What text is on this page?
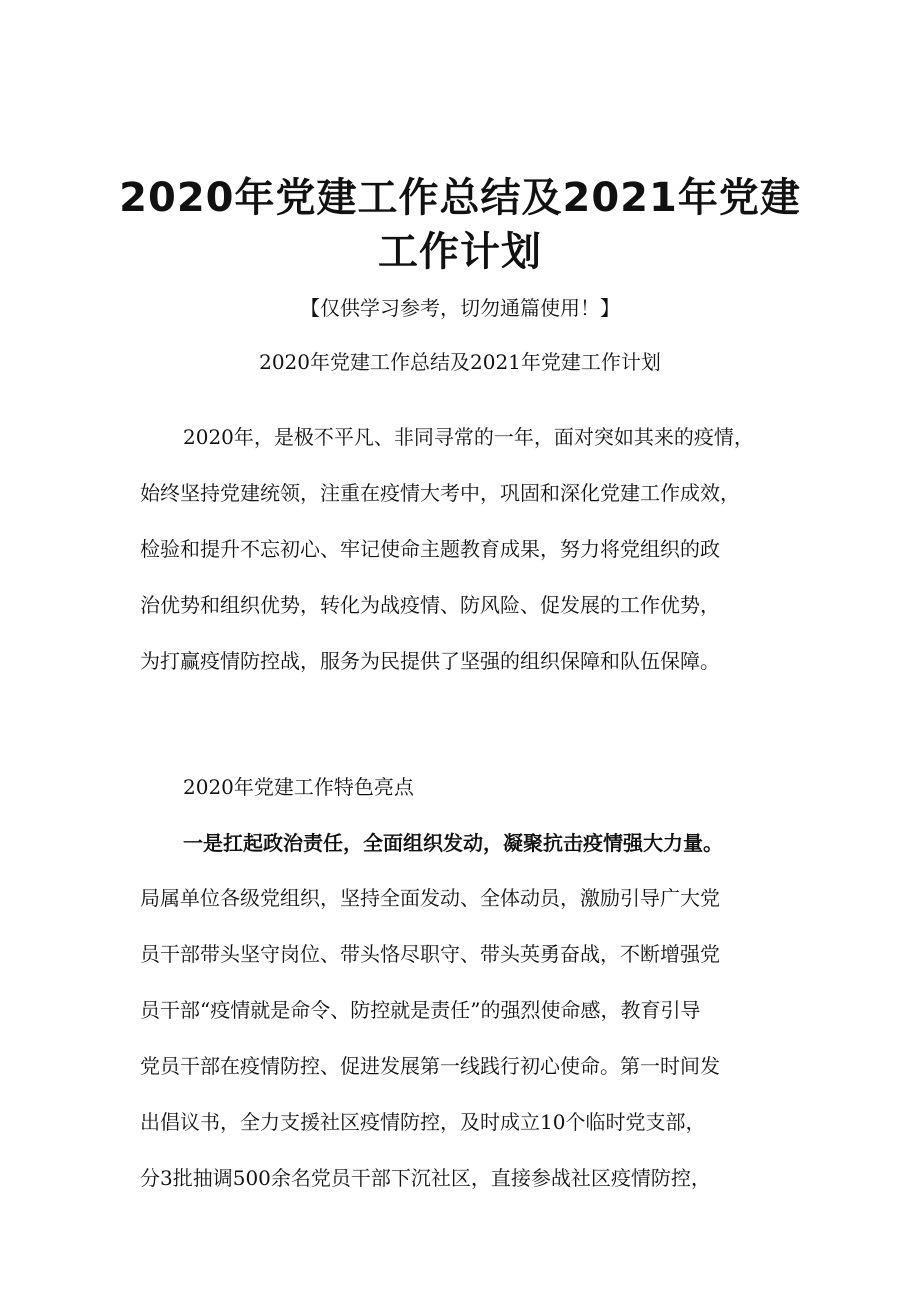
2020年党建工作总结及2021年党建
工作计划
【仅供学习参考，切勿通篇使用！】
2020年党建工作总结及2021年党建工作计划
2020年，是极不平凡、非同寻常的一年，面对突如其来的疫情，
始终坚持党建统领，注重在疫情大考中，巩固和深化党建工作成效，
检验和提升不忘初心、牢记使命主题教育成果，努力将党组织的政
治优势和组织优势，转化为战疫情、防风险、促发展的工作优势，
为打赢疫情防控战，服务为民提供了坚强的组织保障和队伍保障。
2020年党建工作特色亮点
一是扛起政治责任，全面组织发动，凝聚抗击疫情强大力量。
局属单位各级党组织，坚持全面发动、全体动员，激励引导广大党
员干部带头坚守岗位、带头恪尽职守、带头英勇奋战，不断增强党
员干部“疫情就是命令、防控就是责任”的强烈使命感，教育引导
党员干部在疫情防控、促进发展第一线践行初心使命。第一时间发
出倡议书，全力支援社区疫情防控，及时成立10个临时党支部，
分3批抽调500余名党员干部下沉社区，直接参战社区疫情防控，
